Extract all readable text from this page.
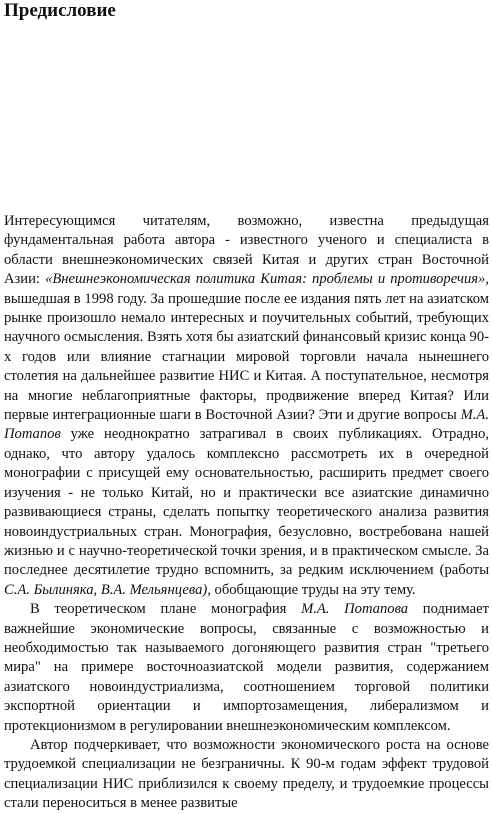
Предисловие

Интересующимся читателям, возможно, известна предыдущая фундаментальная работа автора - известного ученого и специалиста в области внешнеэкономических связей Китая и других стран Восточной Азии: «Внешнеэкономическая политика Китая: проблемы и противоречия», вышедшая в 1998 году. За прошедшие после ее издания пять лет на азиатском рынке произошло немало интересных и поучительных событий, требующих научного осмысления. Взять хотя бы азиатский финансовый кризис конца 90-х годов или влияние стагнации мировой торговли начала нынешнего столетия на дальнейшее развитие НИС и Китая. А поступательное, несмотря на многие неблагоприятные факторы, продвижение вперед Китая? Или первые интеграционные шаги в Восточной Азии? Эти и другие вопросы М.А. Потапов уже неоднократно затрагивал в своих публикациях. Отрадно, однако, что автору удалось комплексно рассмотреть их в очередной монографии с присущей ему основательностью, расширить предмет своего изучения - не только Китай, но и практически все азиатские динамично развивающиеся страны, сделать попытку теоретического анализа развития новоиндустриальных стран. Монография, безусловно, востребована нашей жизнью и с научно-теоретической точки зрения, и в практическом смысле. За последнее десятилетие трудно вспомнить, за редким исключением (работы С.А. Былиняка, В.А. Мельянцева), обобщающие труды на эту тему.

В теоретическом плане монография М.А. Потапова поднимает важнейшие экономические вопросы, связанные с возможностью и необходимостью так называемого догоняющего развития стран "третьего мира" на примере восточноазиатской модели развития, содержанием азиатского новоиндустриализма, соотношением торговой политики экспортной ориентации и импортозамещения, либерализмом и протекционизмом в регулировании внешнеэкономическим комплексом.

Автор подчеркивает, что возможности экономического роста на основе трудоемкой специализации не безграничны. К 90-м годам эффект трудовой специализации НИС приблизился к своему пределу, и трудоемкие процессы стали переноситься в менее развитые
